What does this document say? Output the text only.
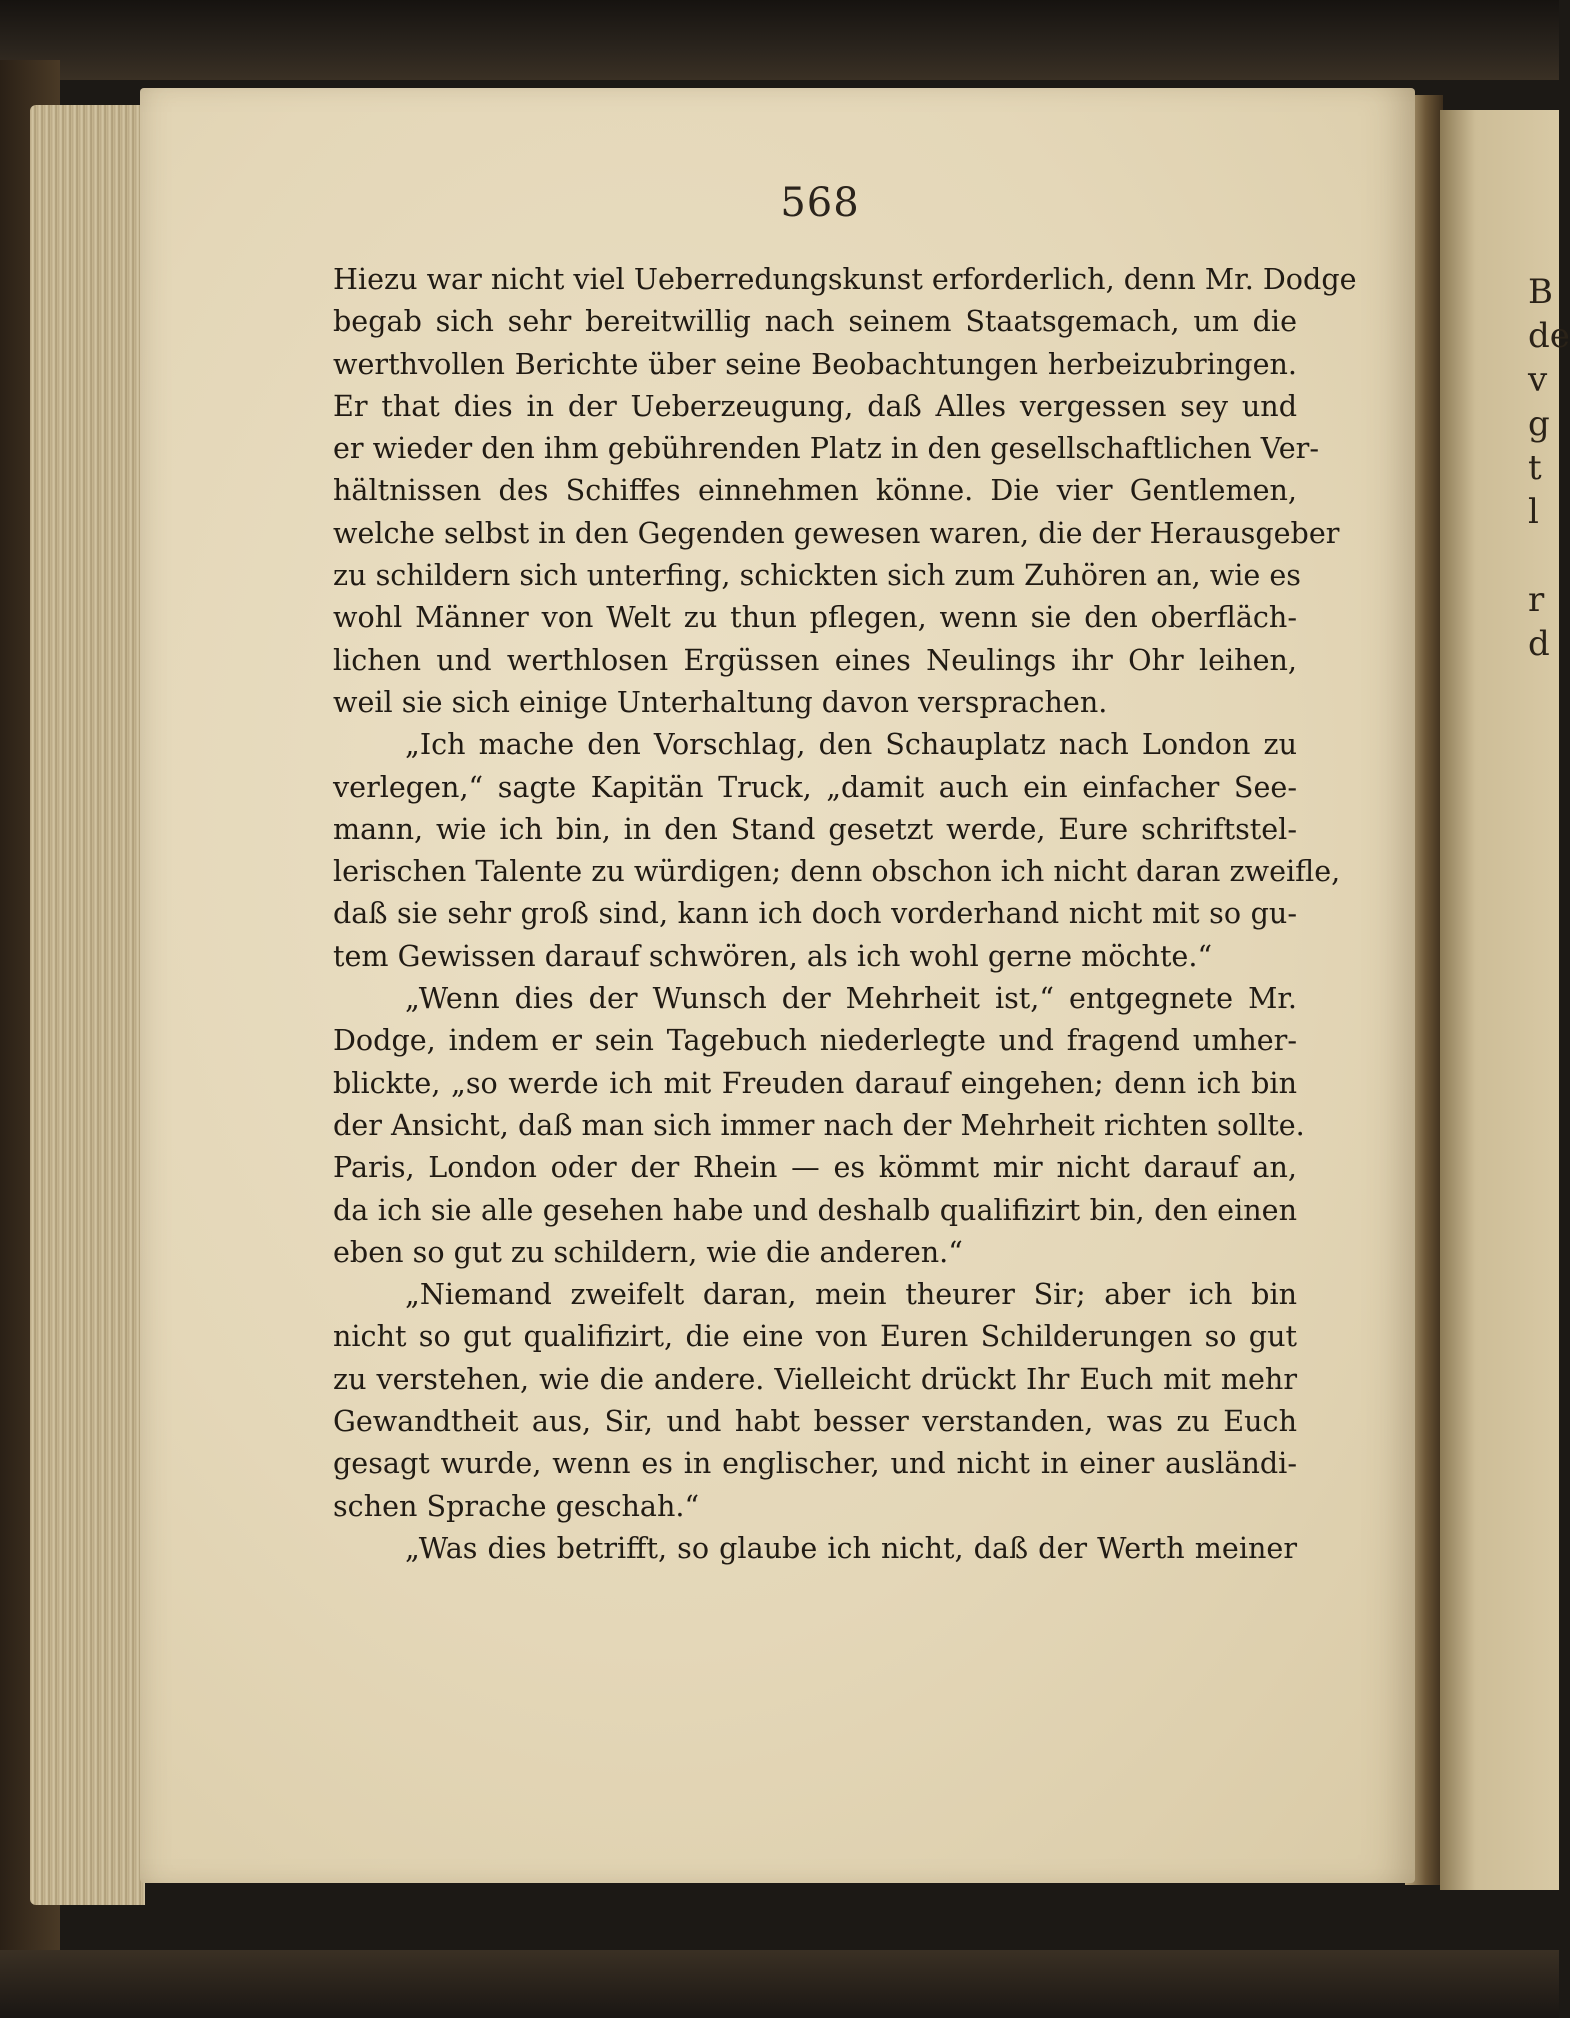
B
de
v
g
t
l
r
d
568
Hiezu war nicht viel Ueberredungskunst erforderlich, denn Mr. Dodge
begab sich sehr bereitwillig nach seinem Staatsgemach, um die
werthvollen Berichte über seine Beobachtungen herbeizubringen.
Er that dies in der Ueberzeugung, daß Alles vergessen sey und
er wieder den ihm gebührenden Platz in den gesellschaftlichen Ver-
hältnissen des Schiffes einnehmen könne. Die vier Gentlemen,
welche selbst in den Gegenden gewesen waren, die der Herausgeber
zu schildern sich unterfing, schickten sich zum Zuhören an, wie es
wohl Männer von Welt zu thun pflegen, wenn sie den oberfläch-
lichen und werthlosen Ergüssen eines Neulings ihr Ohr leihen,
weil sie sich einige Unterhaltung davon versprachen.
„Ich mache den Vorschlag, den Schauplatz nach London zu
verlegen,“ sagte Kapitän Truck, „damit auch ein einfacher See-
mann, wie ich bin, in den Stand gesetzt werde, Eure schriftstel-
lerischen Talente zu würdigen; denn obschon ich nicht daran zweifle,
daß sie sehr groß sind, kann ich doch vorderhand nicht mit so gu-
tem Gewissen darauf schwören, als ich wohl gerne möchte.“
„Wenn dies der Wunsch der Mehrheit ist,“ entgegnete Mr.
Dodge, indem er sein Tagebuch niederlegte und fragend umher-
blickte, „so werde ich mit Freuden darauf eingehen; denn ich bin
der Ansicht, daß man sich immer nach der Mehrheit richten sollte.
Paris, London oder der Rhein — es kömmt mir nicht darauf an,
da ich sie alle gesehen habe und deshalb qualifizirt bin, den einen
eben so gut zu schildern, wie die anderen.“
„Niemand zweifelt daran, mein theurer Sir; aber ich bin
nicht so gut qualifizirt, die eine von Euren Schilderungen so gut
zu verstehen, wie die andere. Vielleicht drückt Ihr Euch mit mehr
Gewandtheit aus, Sir, und habt besser verstanden, was zu Euch
gesagt wurde, wenn es in englischer, und nicht in einer ausländi-
schen Sprache geschah.“
„Was dies betrifft, so glaube ich nicht, daß der Werth meiner
